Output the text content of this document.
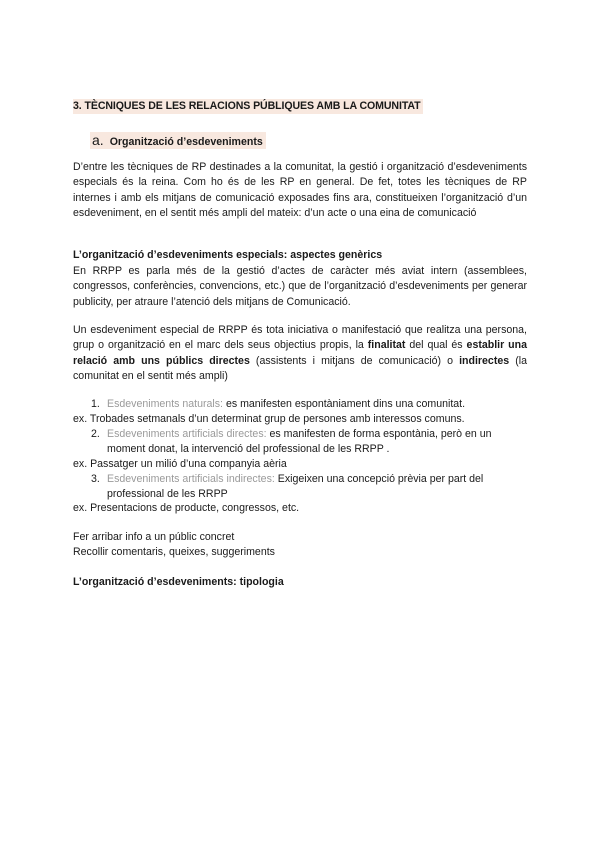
3. TÈCNIQUES DE LES RELACIONS PÚBLIQUES AMB LA COMUNITAT
a. Organització d’esdeveniments

D’entre les tècniques de RP destinades a la comunitat, la gestió i organització d’esdeveniments especials és la reina. Com ho és de les RP en general. De fet, totes les tècniques de RP internes i amb els mitjans de comunicació exposades fins ara, constitueixen l’organització d’un esdeveniment, en el sentit més ampli del mateix: d’un acte o una eina de comunicació

L’organització d’esdeveniments especials: aspectes genèrics

En RRPP es parla més de la gestió d’actes de caràcter més aviat intern (assemblees, congressos, conferències, convencions, etc.) que de l’organització d’esdeveniments per generar publicity, per atraure l’atenció dels mitjans de Comunicació.

Un esdeveniment especial de RRPP és tota iniciativa o manifestació que realitza una persona, grup o organització en el marc dels seus objectius propis, la finalitat del qual és establir una relació amb uns públics directes (assistents i mitjans de comunicació) o indirectes (la comunitat en el sentit més ampli)

1. Esdeveniments naturals: es manifesten espontàniament dins una comunitat.
ex. Trobades setmanals d’un determinat grup de persones amb interessos comuns.
2. Esdeveniments artificials directes: es manifesten de forma espontània, però en un
moment donat, la intervenció del professional de les RRPP .
ex. Passatger un milió d’una companyia aèria
3. Esdeveniments artificials indirectes: Exigeixen una concepció prèvia per part del
professional de les RRPP
ex. Presentacions de producte, congressos, etc.
Fer arribar info a un públic concret
Recollir comentaris, queixes, suggeriments
L’organització d’esdeveniments: tipologia
